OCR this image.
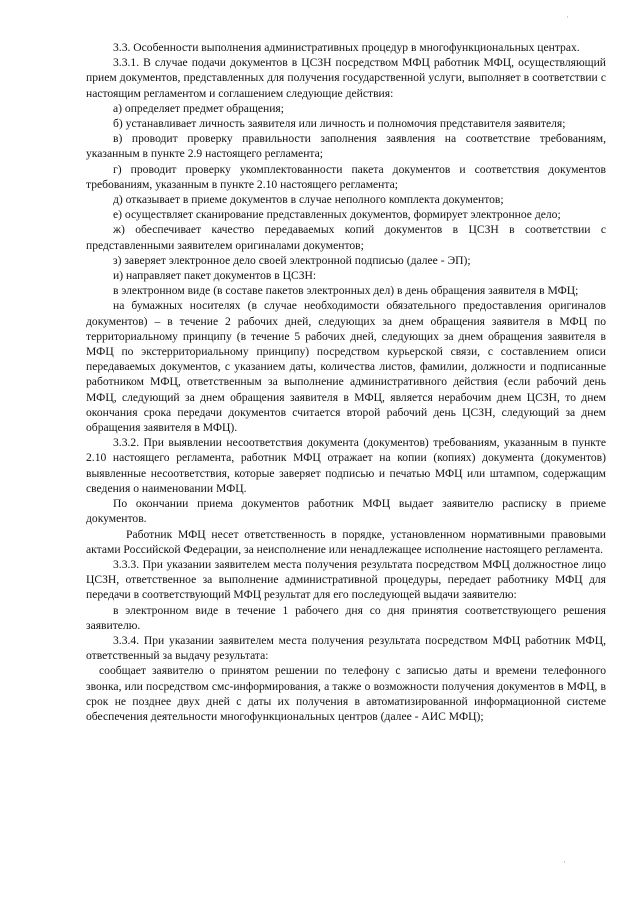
3.3. Особенности выполнения административных процедур в многофункциональных центрах.

3.3.1. В случае подачи документов в ЦСЗН посредством МФЦ работник МФЦ, осуществляющий прием документов, представленных для получения государственной услуги, выполняет в соответствии с настоящим регламентом и соглашением следующие действия:

а) определяет предмет обращения;

б) устанавливает личность заявителя или личность и полномочия представителя заявителя;

в) проводит проверку правильности заполнения заявления на соответствие требованиям, указанным в пункте 2.9 настоящего регламента;

г) проводит проверку укомплектованности пакета документов и соответствия документов требованиям, указанным в пункте 2.10 настоящего регламента;

д) отказывает в приеме документов в случае неполного комплекта документов;

е) осуществляет сканирование представленных документов, формирует электронное дело;

ж) обеспечивает качество передаваемых копий документов в ЦСЗН в соответствии с представленными заявителем оригиналами документов;

з) заверяет электронное дело своей электронной подписью (далее - ЭП);

и) направляет пакет документов в ЦСЗН:

в электронном виде (в составе пакетов электронных дел) в день обращения заявителя в МФЦ;

на бумажных носителях (в случае необходимости обязательного предоставления оригиналов документов) – в течение 2 рабочих дней, следующих за днем обращения заявителя в МФЦ по территориальному принципу (в течение 5 рабочих дней, следующих за днем обращения заявителя в МФЦ по экстерриториальному принципу) посредством курьерской связи, с составлением описи передаваемых документов, с указанием даты, количества листов, фамилии, должности и подписанные работником МФЦ, ответственным за выполнение административного действия (если рабочий день МФЦ, следующий за днем обращения заявителя в МФЦ, является нерабочим днем ЦСЗН, то днем окончания срока передачи документов считается второй рабочий день ЦСЗН, следующий за днем обращения заявителя в МФЦ).

3.3.2. При выявлении несоответствия документа (документов) требованиям, указанным в пункте 2.10 настоящего регламента, работник МФЦ отражает на копии (копиях) документа (документов) выявленные несоответствия, которые заверяет подписью и печатью МФЦ или штампом, содержащим сведения о наименовании МФЦ.

По окончании приема документов работник МФЦ выдает заявителю расписку в приеме документов.

Работник МФЦ несет ответственность в порядке, установленном нормативными правовыми актами Российской Федерации, за неисполнение или ненадлежащее исполнение настоящего регламента.

3.3.3. При указании заявителем места получения результата посредством МФЦ должностное лицо ЦСЗН, ответственное за выполнение административной процедуры, передает работнику МФЦ для передачи в соответствующий МФЦ результат для его последующей выдачи заявителю:

в электронном виде в течение 1 рабочего дня со дня принятия соответствующего решения заявителю.

3.3.4. При указании заявителем места получения результата посредством МФЦ работник МФЦ, ответственный за выдачу результата:

сообщает заявителю о принятом решении по телефону с записью даты и времени телефонного звонка, или посредством смс-информирования, а также о возможности получения документов в МФЦ, в срок не позднее двух дней с даты их получения в автоматизированной информационной системе обеспечения деятельности многофункциональных центров (далее - АИС МФЦ);

·
·
